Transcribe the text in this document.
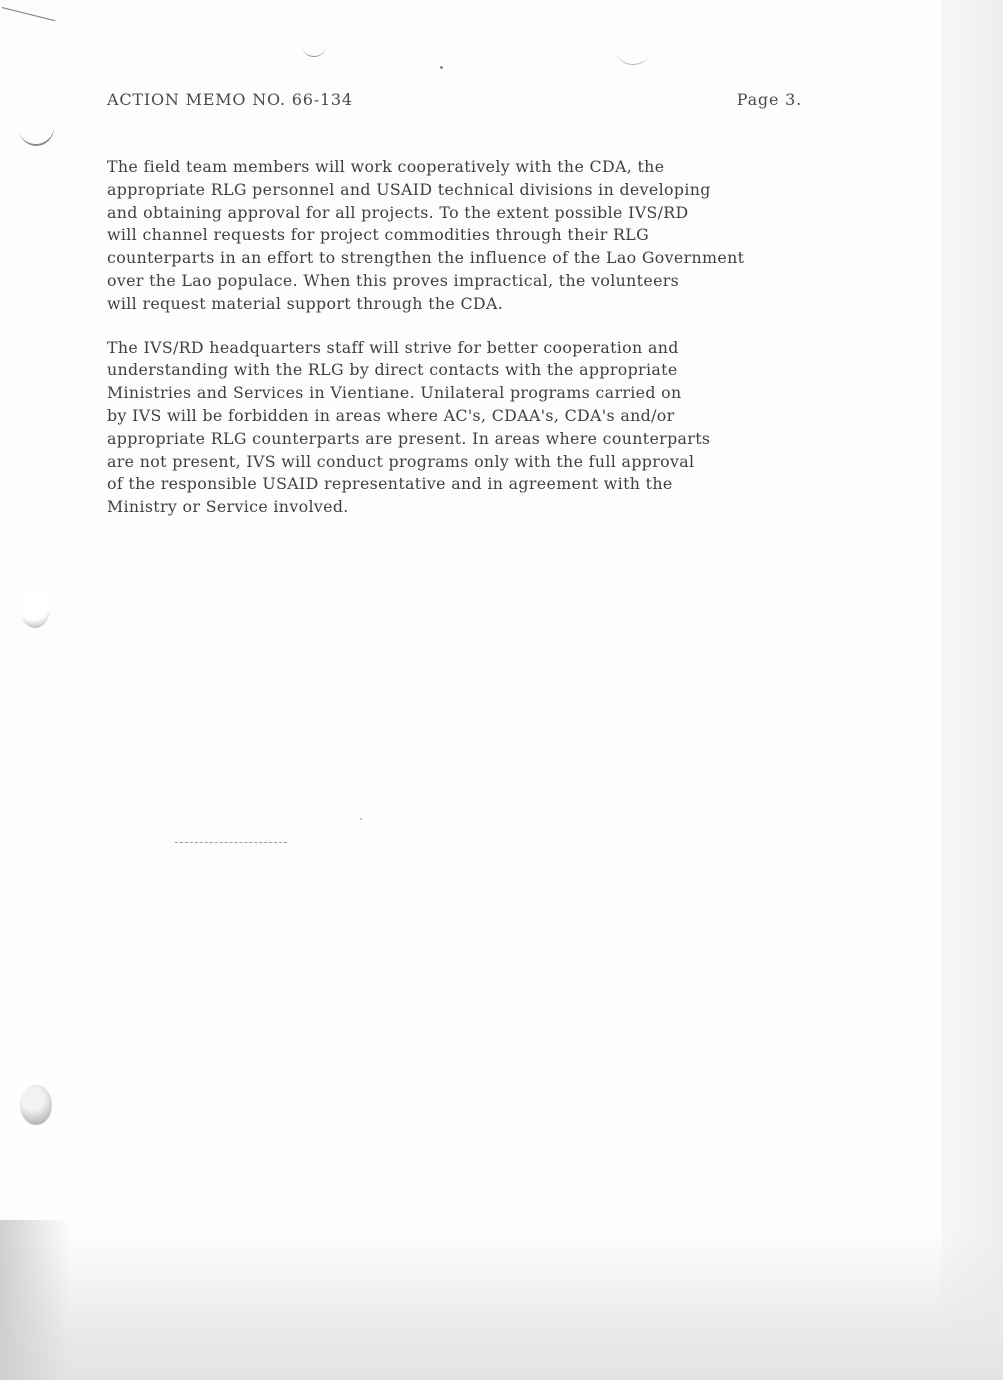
ACTION MEMO NO. 66-134	Page 3.

The field team members will work cooperatively with the CDA, the
appropriate RLG personnel and USAID technical divisions in developing
and obtaining approval for all projects. To the extent possible IVS/RD
will channel requests for project commodities through their RLG
counterparts in an effort to strengthen the influence of the Lao Government
over the Lao populace. When this proves impractical, the volunteers
will request material support through the CDA.

The IVS/RD headquarters staff will strive for better cooperation and
understanding with the RLG by direct contacts with the appropriate
Ministries and Services in Vientiane. Unilateral programs carried on
by IVS will be forbidden in areas where AC's, CDAA's, CDA's and/or
appropriate RLG counterparts are present. In areas where counterparts
are not present, IVS will conduct programs only with the full approval
of the responsible USAID representative and in agreement with the
Ministry or Service involved.
